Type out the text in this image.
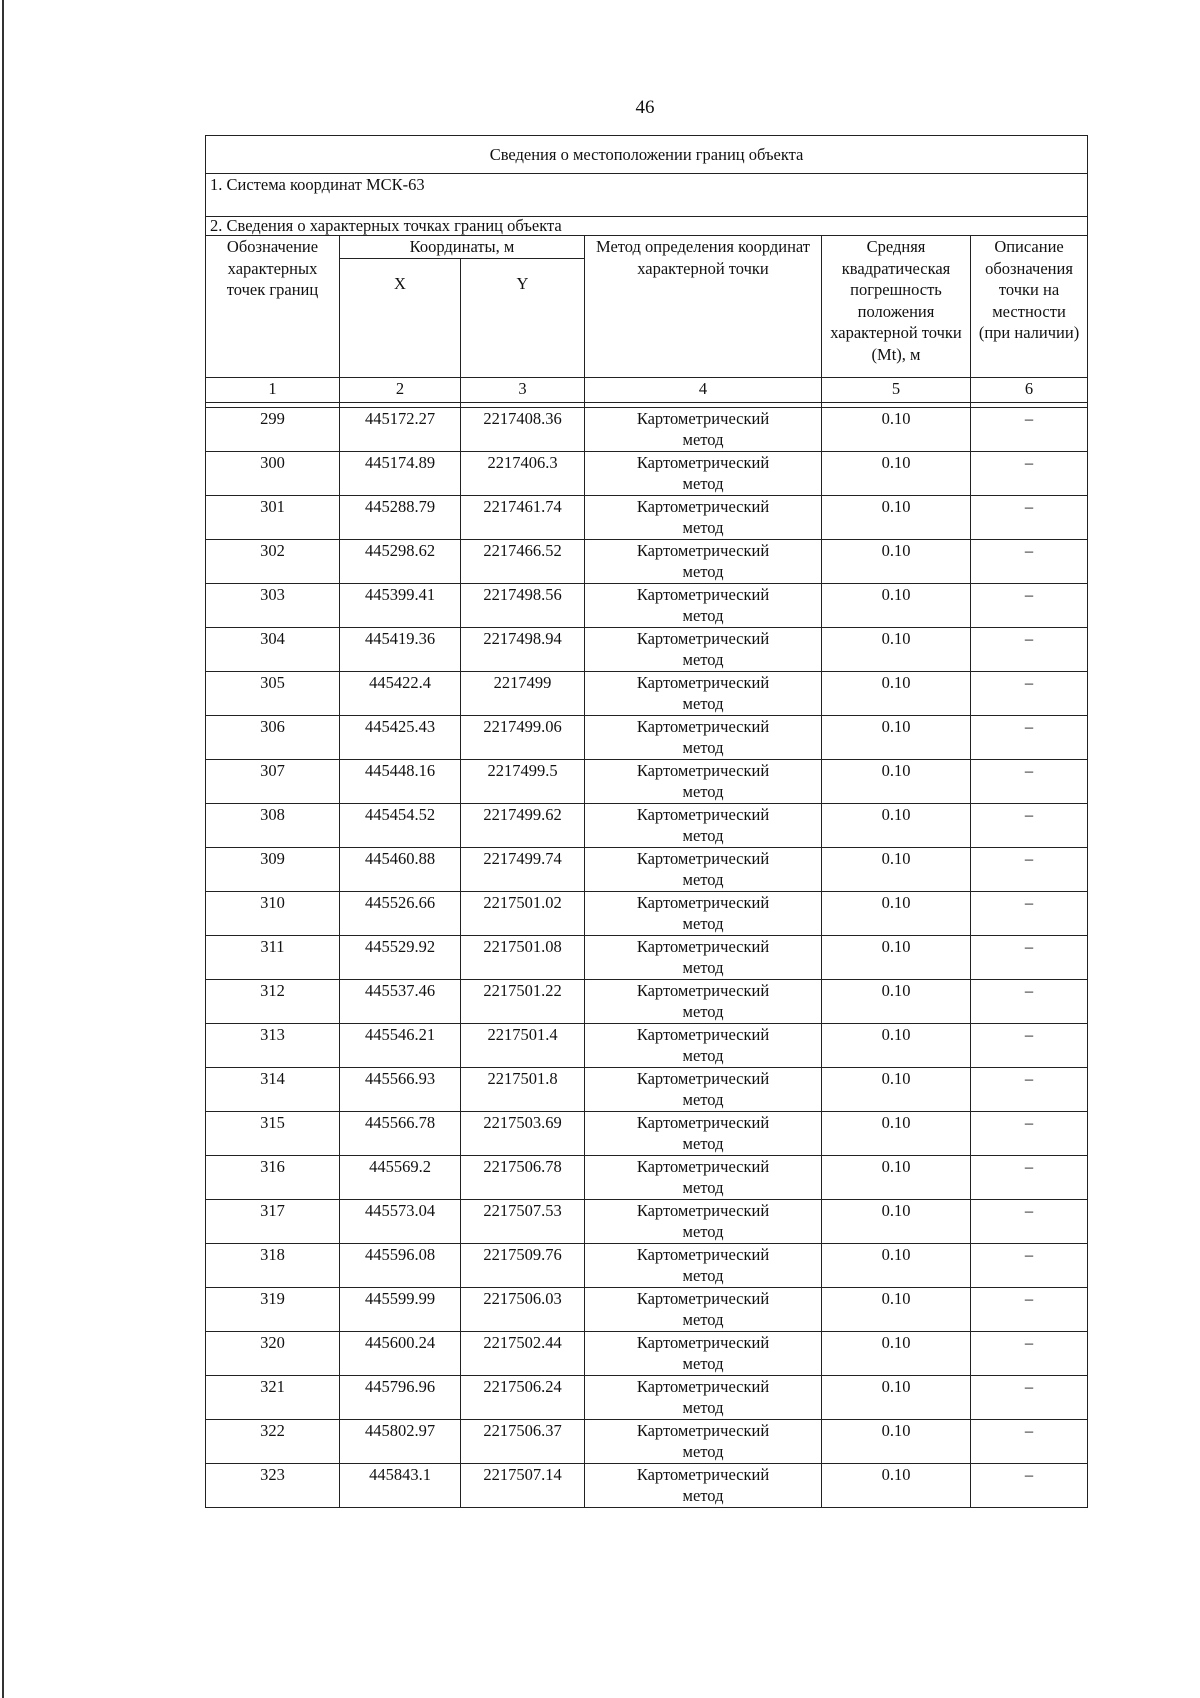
46
Сведения о местоположении границ объекта					
1. Система координат МСК-63					
2. Сведения о характерных точках границ объекта					
Обозначение характерных точек границ	Координаты, м		Метод определения координат характерной точки	Средняя квадратическая погрешность положения характерной точки (Mt), м	Описание обозначения точки на местности (при наличии)
	X	Y			
1	2	3	4	5	6

299	445172.27	2217408.36	Картометрический метод	0.10	–
300	445174.89	2217406.3	Картометрический метод	0.10	–
301	445288.79	2217461.74	Картометрический метод	0.10	–
302	445298.62	2217466.52	Картометрический метод	0.10	–
303	445399.41	2217498.56	Картометрический метод	0.10	–
304	445419.36	2217498.94	Картометрический метод	0.10	–
305	445422.4	2217499	Картометрический метод	0.10	–
306	445425.43	2217499.06	Картометрический метод	0.10	–
307	445448.16	2217499.5	Картометрический метод	0.10	–
308	445454.52	2217499.62	Картометрический метод	0.10	–
309	445460.88	2217499.74	Картометрический метод	0.10	–
310	445526.66	2217501.02	Картометрический метод	0.10	–
311	445529.92	2217501.08	Картометрический метод	0.10	–
312	445537.46	2217501.22	Картометрический метод	0.10	–
313	445546.21	2217501.4	Картометрический метод	0.10	–
314	445566.93	2217501.8	Картометрический метод	0.10	–
315	445566.78	2217503.69	Картометрический метод	0.10	–
316	445569.2	2217506.78	Картометрический метод	0.10	–
317	445573.04	2217507.53	Картометрический метод	0.10	–
318	445596.08	2217509.76	Картометрический метод	0.10	–
319	445599.99	2217506.03	Картометрический метод	0.10	–
320	445600.24	2217502.44	Картометрический метод	0.10	–
321	445796.96	2217506.24	Картометрический метод	0.10	–
322	445802.97	2217506.37	Картометрический метод	0.10	–
323	445843.1	2217507.14	Картометрический метод	0.10	–
